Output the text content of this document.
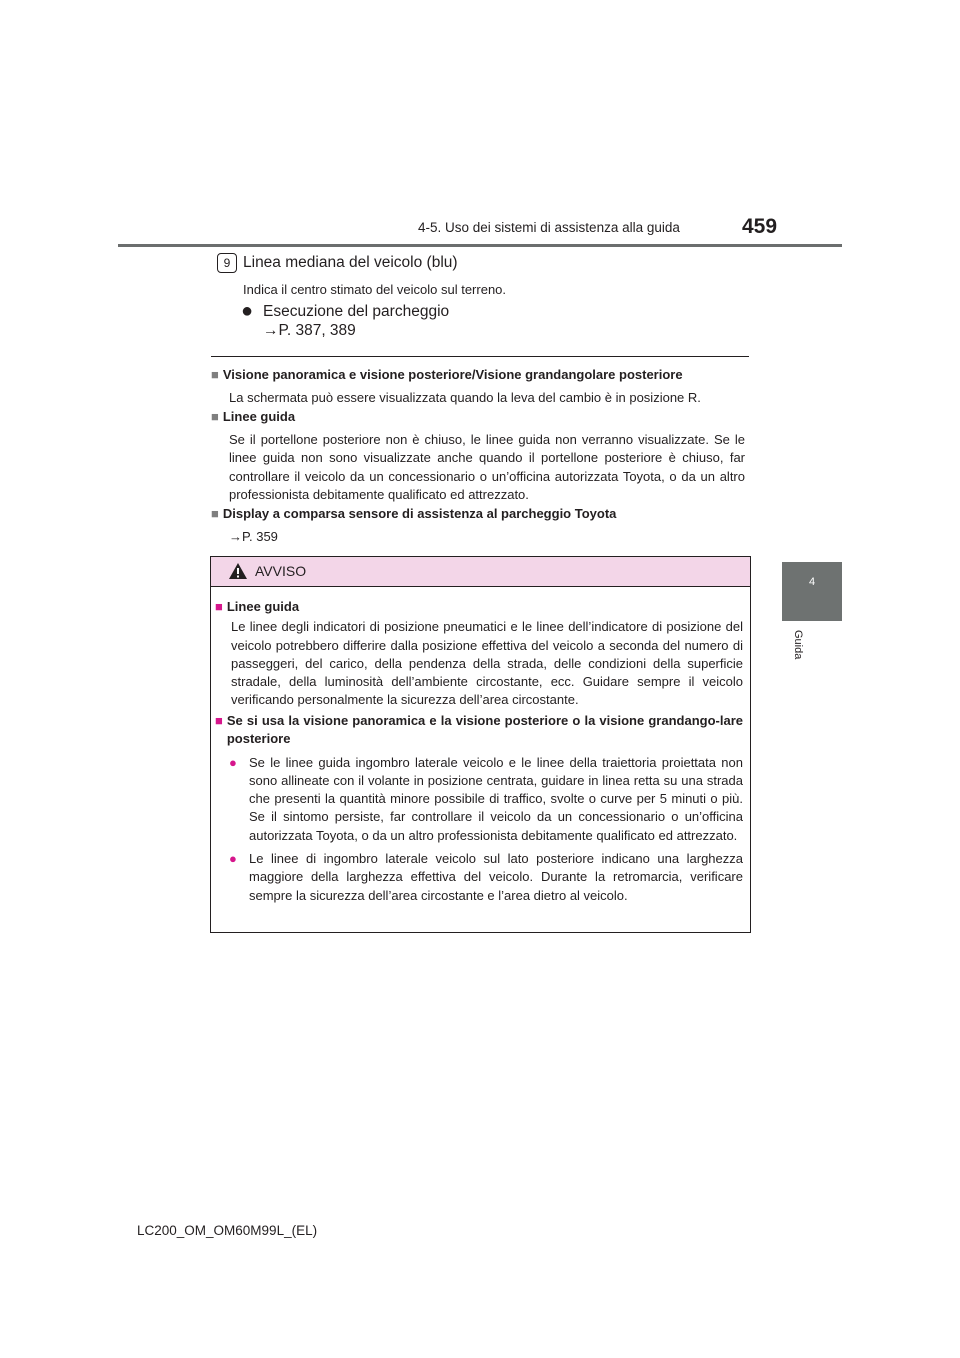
4-5. Uso dei sistemi di assistenza alla guida	459
4
Guida
9 Linea mediana del veicolo (blu)
Indica il centro stimato del veicolo sul terreno.
● Esecuzione del parcheggio
→P. 387, 389
■ Visione panoramica e visione posteriore/Visione grandangolare posteriore
La schermata può essere visualizzata quando la leva del cambio è in posizione R.
■ Linee guida
Se il portellone posteriore non è chiuso, le linee guida non verranno visualizzate. Se le linee guida non sono visualizzate anche quando il portellone posteriore è chiuso, far controllare il veicolo da un concessionario o un’officina autorizzata Toyota, o da un altro professionista debitamente qualificato ed attrezzato.
■ Display a comparsa sensore di assistenza al parcheggio Toyota
→P. 359
AVVISO
■ Linee guida
Le linee degli indicatori di posizione pneumatici e le linee dell’indicatore di posizione del veicolo potrebbero differire dalla posizione effettiva del veicolo a seconda del numero di passeggeri, del carico, della pendenza della strada, delle condizioni della superficie stradale, della luminosità dell’ambiente circostante, ecc. Guidare sempre il veicolo verificando personalmente la sicurezza dell’area circostante.
■ Se si usa la visione panoramica e la visione posteriore o la visione grandango-lare posteriore
● Se le linee guida ingombro laterale veicolo e le linee della traiettoria proiettata non sono allineate con il volante in posizione centrata, guidare in linea retta su una strada che presenti la quantità minore possibile di traffico, svolte o curve per 5 minuti o più. Se il sintomo persiste, far controllare il veicolo da un concessionario o un’officina autorizzata Toyota, o da un altro professionista debitamente qualificato ed attrezzato.
● Le linee di ingombro laterale veicolo sul lato posteriore indicano una larghezza maggiore della larghezza effettiva del veicolo. Durante la retromarcia, verificare sempre la sicurezza dell’area circostante e l’area dietro al veicolo.
LC200_OM_OM60M99L_(EL)
